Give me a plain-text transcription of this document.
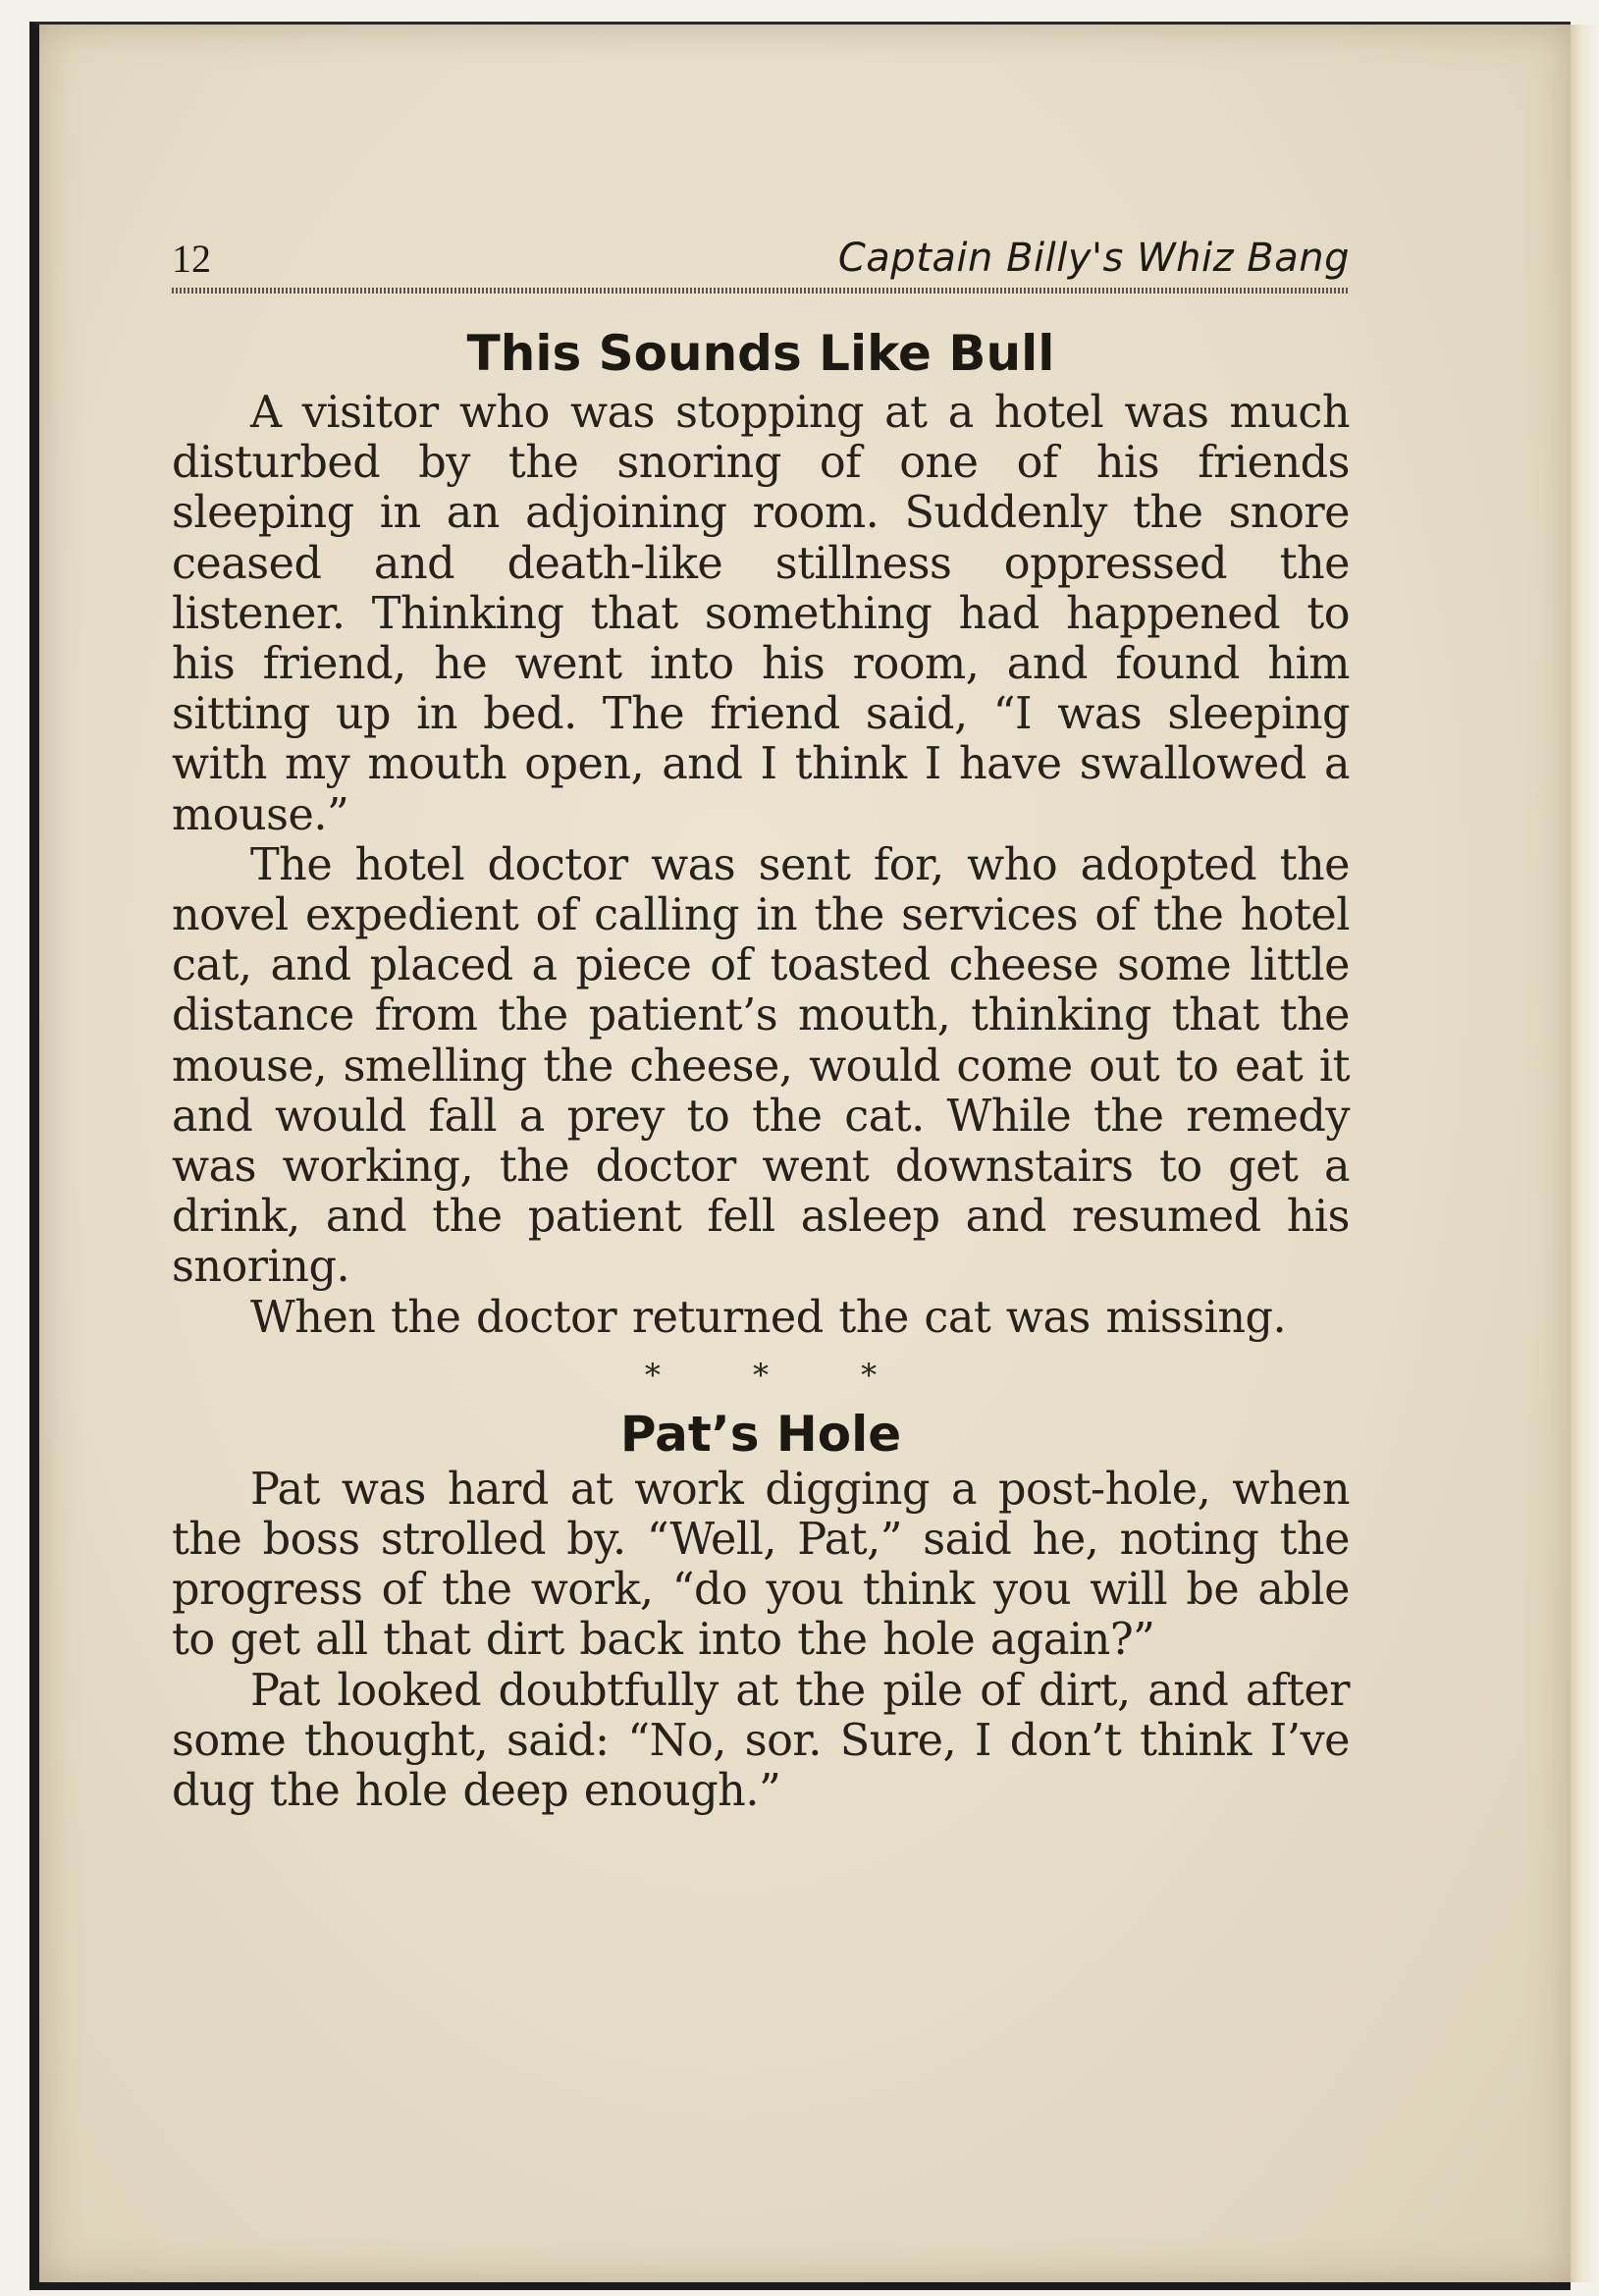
12	Captain Billy's Whiz Bang
This Sounds Like Bull

A visitor who was stopping at a hotel was much disturbed by the snoring of one of his friends sleeping in an adjoining room. Suddenly the snore ceased and death-like stillness oppressed the listener. Thinking that something had happened to his friend, he went into his room, and found him sitting up in bed. The friend said, “I was sleeping with my mouth open, and I think I have swallowed a mouse.”

The hotel doctor was sent for, who adopted the novel expedient of calling in the services of the hotel cat, and placed a piece of toasted cheese some little distance from the patient’s mouth, thinking that the mouse, smelling the cheese, would come out to eat it and would fall a prey to the cat. While the remedy was working, the doctor went downstairs to get a drink, and the patient fell asleep and resumed his snoring.

When the doctor returned the cat was missing.

* * *
Pat’s Hole

Pat was hard at work digging a post-hole, when the boss strolled by. “Well, Pat,” said he, noting the progress of the work, “do you think you will be able to get all that dirt back into the hole again?”

Pat looked doubtfully at the pile of dirt, and after some thought, said: “No, sor. Sure, I don’t think I’ve dug the hole deep enough.”
